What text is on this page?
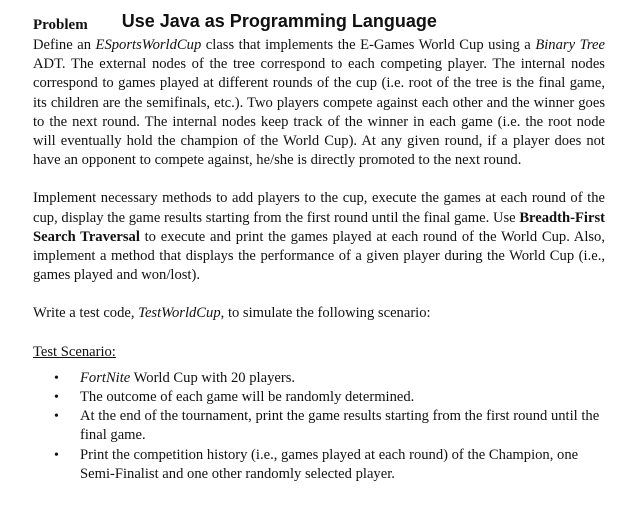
Problem Use Java as Programming Language

Define an ESportsWorldCup class that implements the E-Games World Cup using a Binary Tree ADT. The external nodes of the tree correspond to each competing player. The internal nodes correspond to games played at different rounds of the cup (i.e. root of the tree is the final game, its children are the semifinals, etc.). Two players compete against each other and the winner goes to the next round. The internal nodes keep track of the winner in each game (i.e. the root node will eventually hold the champion of the World Cup). At any given round, if a player does not have an opponent to compete against, he/she is directly promoted to the next round.

Implement necessary methods to add players to the cup, execute the games at each round of the cup, display the game results starting from the first round until the final game. Use Breadth-First Search Traversal to execute and print the games played at each round of the World Cup. Also, implement a method that displays the performance of a given player during the World Cup (i.e., games played and won/lost).

Write a test code, TestWorldCup, to simulate the following scenario:

Test Scenario:

• FortNite World Cup with 20 players.
• The outcome of each game will be randomly determined.
• At the end of the tournament, print the game results starting from the first round until the final game.
• Print the competition history (i.e., games played at each round) of the Champion, one Semi-Finalist and one other randomly selected player.
